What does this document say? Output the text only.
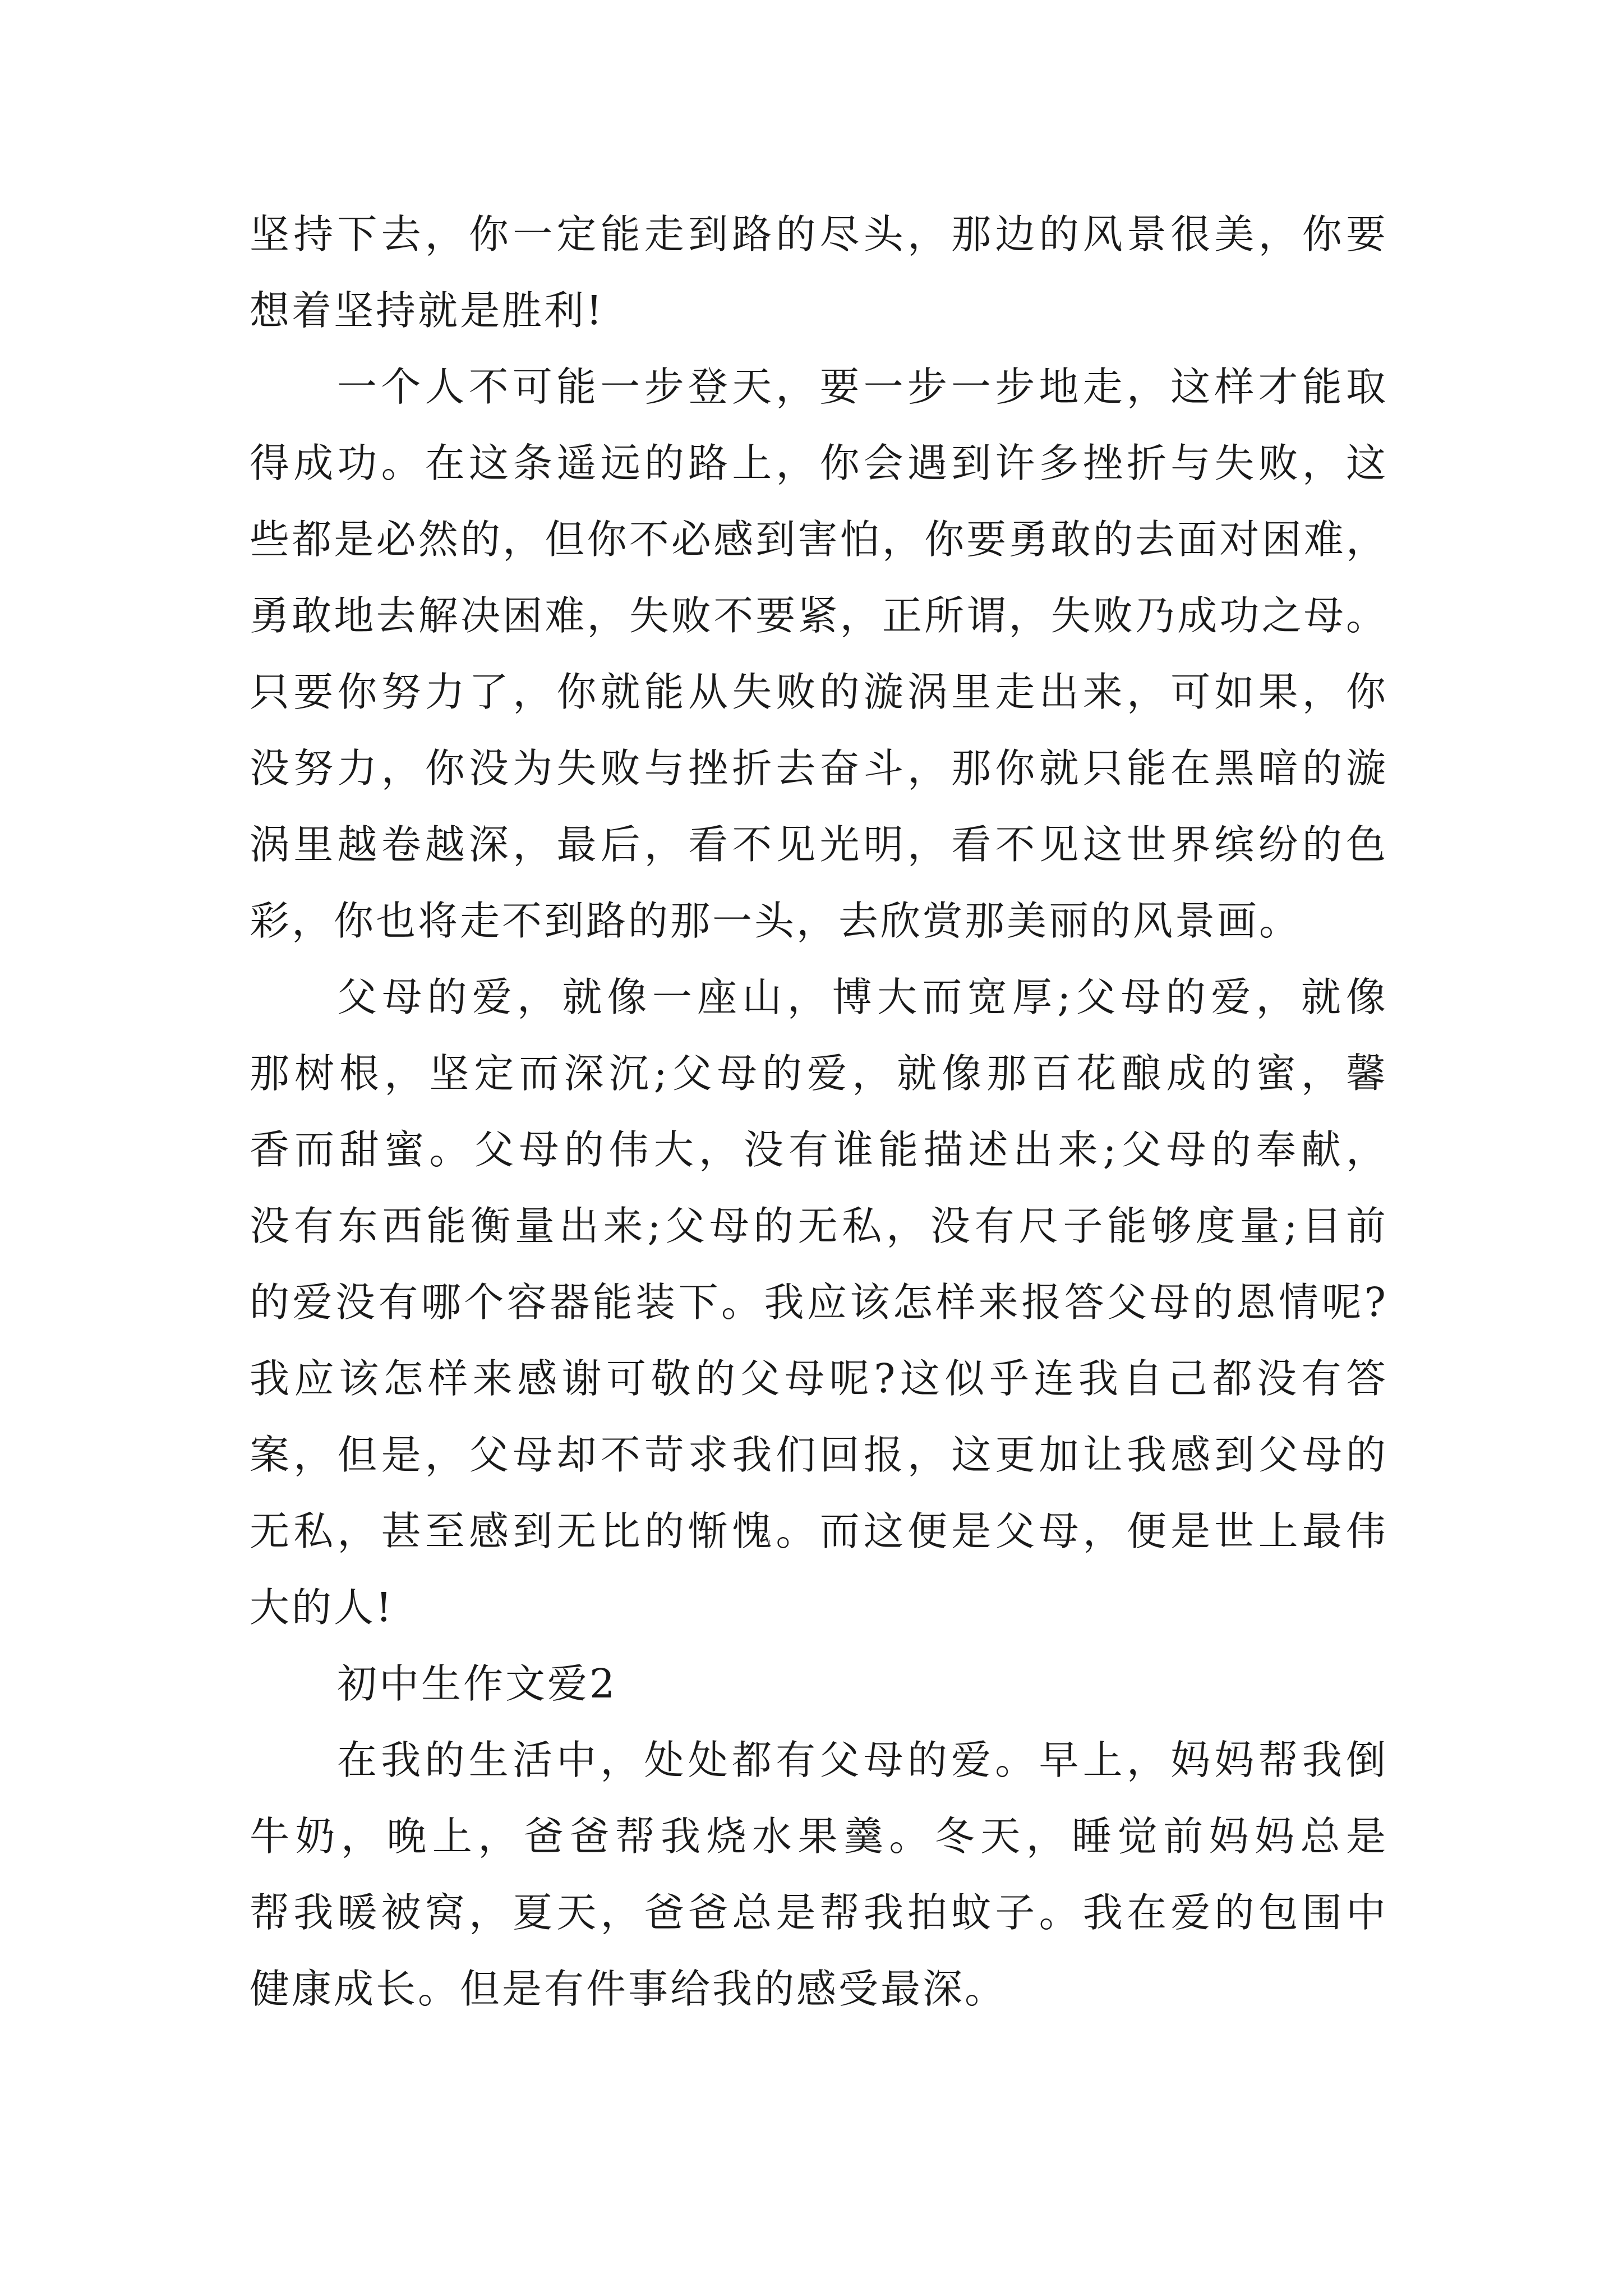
坚持下去，你一定能走到路的尽头，那边的风景很美，你要
想着坚持就是胜利!
一个人不可能一步登天，要一步一步地走，这样才能取
得成功。在这条遥远的路上，你会遇到许多挫折与失败，这
些都是必然的，但你不必感到害怕，你要勇敢的去面对困难，
勇敢地去解决困难，失败不要紧，正所谓，失败乃成功之母。
只要你努力了，你就能从失败的漩涡里走出来，可如果，你
没努力，你没为失败与挫折去奋斗，那你就只能在黑暗的漩
涡里越卷越深，最后，看不见光明，看不见这世界缤纷的色
彩，你也将走不到路的那一头，去欣赏那美丽的风景画。
父母的爱，就像一座山，博大而宽厚;父母的爱，就像
那树根，坚定而深沉;父母的爱，就像那百花酿成的蜜，馨
香而甜蜜。父母的伟大，没有谁能描述出来;父母的奉献，
没有东西能衡量出来;父母的无私，没有尺子能够度量;目前
的爱没有哪个容器能装下。我应该怎样来报答父母的恩情呢?
我应该怎样来感谢可敬的父母呢?这似乎连我自己都没有答
案，但是，父母却不苛求我们回报，这更加让我感到父母的
无私，甚至感到无比的惭愧。而这便是父母，便是世上最伟
大的人!
初中生作文爱2
在我的生活中，处处都有父母的爱。早上，妈妈帮我倒
牛奶，晚上，爸爸帮我烧水果羹。冬天，睡觉前妈妈总是
帮我暖被窝，夏天，爸爸总是帮我拍蚊子。我在爱的包围中
健康成长。但是有件事给我的感受最深。
